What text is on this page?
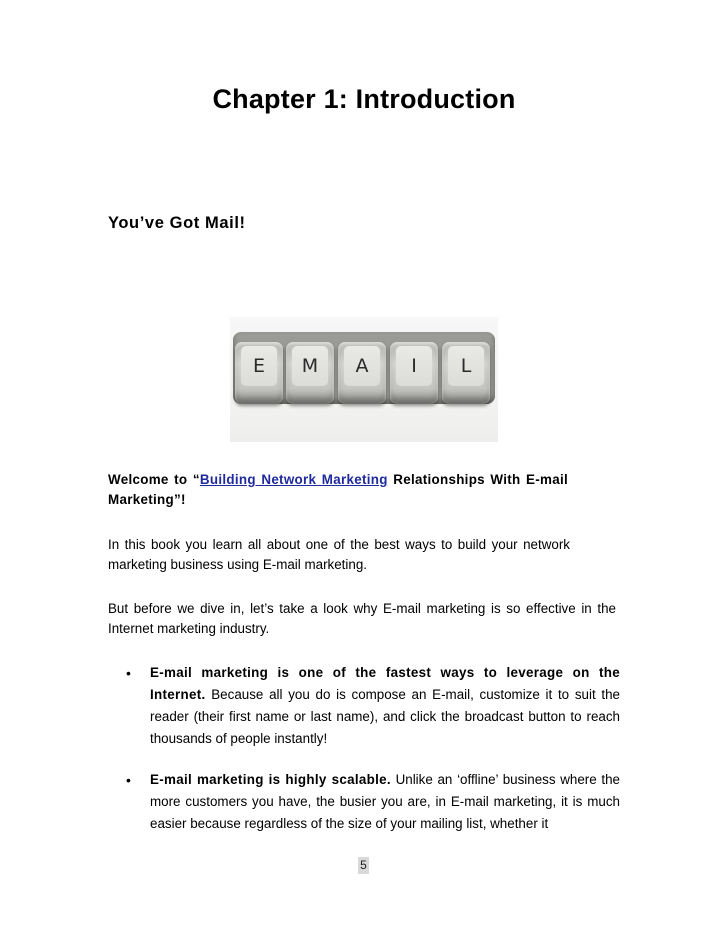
Chapter 1: Introduction
You’ve Got Mail!
E	M	A	I	L

Welcome to “Building Network Marketing Relationships With E-mail Marketing”!

In this book you learn all about one of the best ways to build your network marketing business using E-mail marketing.

But before we dive in, let’s take a look why E-mail marketing is so effective in the Internet marketing industry.

• E-mail marketing is one of the fastest ways to leverage on the Internet. Because all you do is compose an E-mail, customize it to suit the reader (their first name or last name), and click the broadcast button to reach thousands of people instantly!
• E-mail marketing is highly scalable. Unlike an ‘offline’ business where the more customers you have, the busier you are, in E-mail marketing, it is much easier because regardless of the size of your mailing list, whether it
5
